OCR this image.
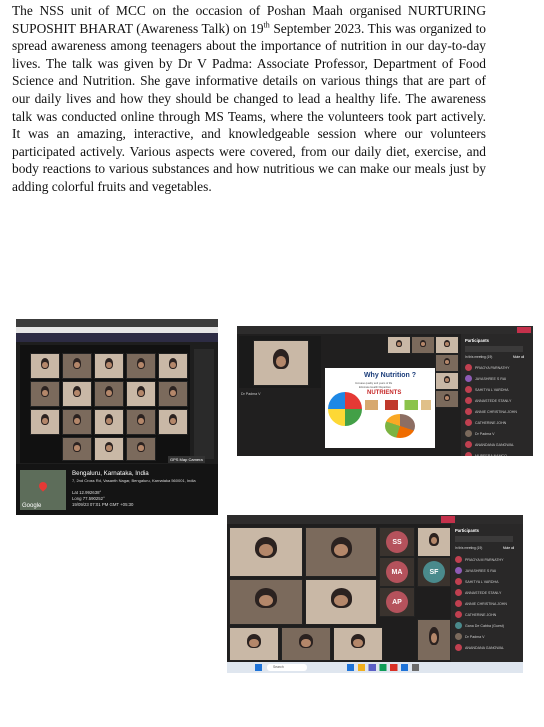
The NSS unit of MCC on the occasion of Poshan Maah organised NURTURING SUPOSHIT BHARAT (Awareness Talk) on 19th September 2023. This was organized to spread awareness among teenagers about the importance of nutrition in our day-to-day lives. The talk was given by Dr V Padma: Associate Professor, Department of Food Science and Nutrition. She gave informative details on various things that are part of our daily lives and how they should be changed to lead a healthy life. The awareness talk was conducted online through MS Teams, where the volunteers took part actively. It was an amazing, interactive, and knowledgeable session where our volunteers participated actively. Various aspects were covered, from our daily diet, exercise, and body reactions to various substances and how nutritious we can make our meals just by adding colorful fruits and vegetables.
Google
GPS Map Camera
Bengaluru, Karnataka, India
7, 2nd Cross Rd, Vasanth Nagar, Bengaluru, Karnataka 560001, India
Lat 12.992638°
Long 77.590252°
19/09/23 07:01 PM GMT +05:30
Dr Padma V
Why Nutrition ?
Increase quality and years of life
Eliminate Health Disparities
NUTRIENTS
Participants
In this meeting (19)	Mute all
PRAGYA PARNATHY
JAYASHREE S RAI
SAHITYA L VARDHA
ANNASTEDE STANLY
ANNIE CHRISTINA JOHN
CATHERINE JOHN
Dr Padma V
ANANDANA GANGWAL
MUBEERA NAMCO
SS
MA	SF
AP
Participants
In this meeting (19)	Mute all
PRAGYA M PARNATHY
JAYASHREE S RAI
SAHITYA L VARDHA
ANNASTEDE STANLY
ANNIE CHRISTINA JOHN
CATHERINE JOHN
Gana De Cabba (Guest)
Dr Padma V
ANANDANA GANGWAL
Search
